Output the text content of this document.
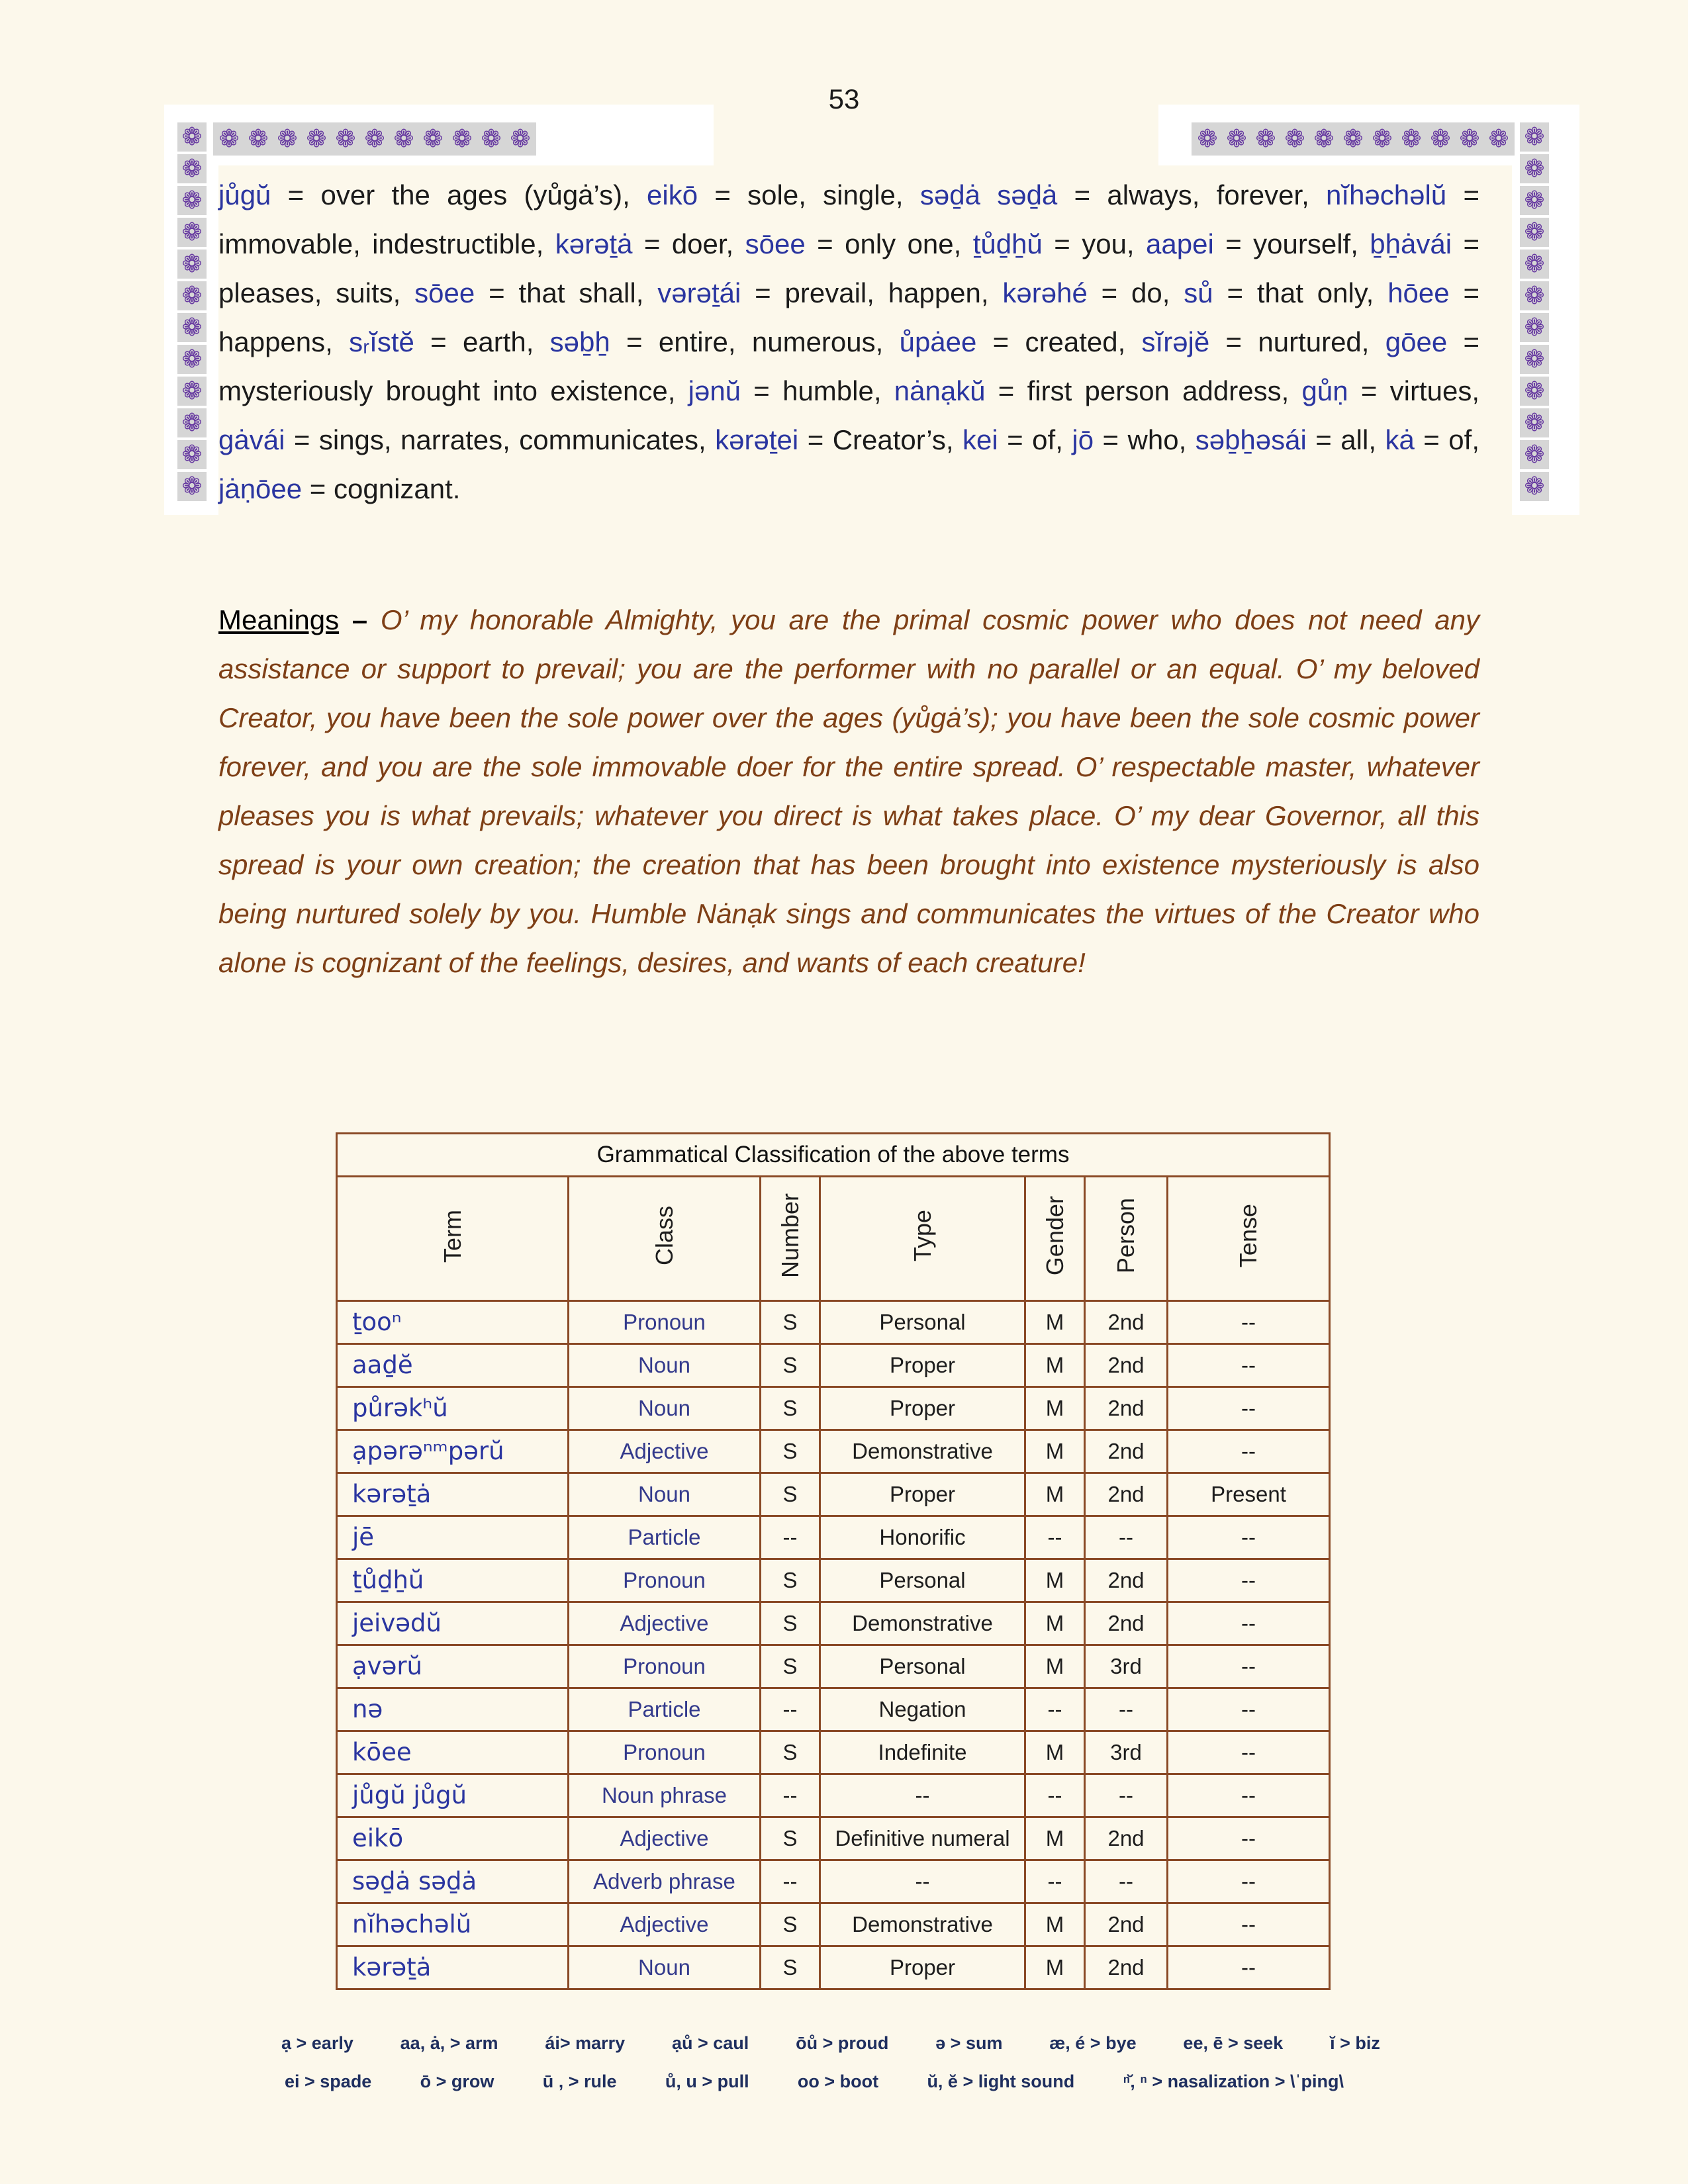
❁
❁
❁
❁
❁
❁
❁
❁
❁
❁
❁
❁
❁ ❁ ❁ ❁ ❁ ❁ ❁ ❁ ❁ ❁ ❁	❁ ❁ ❁ ❁ ❁ ❁ ❁ ❁ ❁ ❁ ❁ ❁
❁
❁
❁
❁
❁
❁
❁
❁
❁
❁
❁
53

jůgŭ = over the ages (yůgȧ’s), eikō = sole, single, səḏȧ səḏȧ = always, forever, nĭhəchəlŭ = immovable, indestructible, kərəṯȧ = doer, sōee = only one, ṯůḏẖŭ = you, aapei = yourself, ḇẖȧvái = pleases, suits, sōee = that shall, vərəṯái = prevail, happen, kərəhé = do, sů = that only, hōee = happens, sᵣĭstĕ = earth, səḇẖ = entire, numerous, ůpȧee = created, sĭrəjĕ = nurtured, gōee = mysteriously brought into existence, jənŭ = humble, nȧnạkŭ = first person address, gůṇ = virtues, gȧvái = sings, narrates, communicates, kərəṯei = Creator’s, kei = of, jō = who, səḇẖəsái = all, kȧ = of, jȧṇōee = cognizant.

Meanings – O’ my honorable Almighty, you are the primal cosmic power who does not need any assistance or support to prevail; you are the performer with no parallel or an equal. O’ my beloved Creator, you have been the sole power over the ages (yůgȧ’s); you have been the sole cosmic power forever, and you are the sole immovable doer for the entire spread. O’ respectable master, whatever pleases you is what prevails; whatever you direct is what takes place. O’ my dear Governor, all this spread is your own creation; the creation that has been brought into existence mysteriously is also being nurtured solely by you. Humble Nȧnạk sings and communicates the virtues of the Creator who alone is cognizant of the feelings, desires, and wants of each creature!

Grammatical Classification of the above terms						
Term	Class	Number	Type	Gender	Person	Tense
ṯooⁿ	Pronoun	S	Personal	M	2nd	--
aaḏĕ	Noun	S	Proper	M	2nd	--
půrəkʰŭ	Noun	S	Proper	M	2nd	--
ạpərəⁿᵐpərŭ	Adjective	S	Demonstrative	M	2nd	--
kərəṯȧ	Noun	S	Proper	M	2nd	Present
jē	Particle	--	Honorific	--	--	--
ṯůḏẖŭ	Pronoun	S	Personal	M	2nd	--
jeivədŭ	Adjective	S	Demonstrative	M	2nd	--
ạvərŭ	Pronoun	S	Personal	M	3rd	--
nə	Particle	--	Negation	--	--	--
kōee	Pronoun	S	Indefinite	M	3rd	--
jůgŭ jůgŭ	Noun phrase	--	--	--	--	--
eikō	Adjective	S	Definitive numeral	M	2nd	--
səḏȧ səḏȧ	Adverb phrase	--	--	--	--	--
nĭhəchəlŭ	Adjective	S	Demonstrative	M	2nd	--
kərəṯȧ	Noun	S	Proper	M	2nd	--
ạ > early	aa, ȧ, > arm	ái> marry	ạů > caul	ōů > proud	ə > sum	æ, é > bye	ee, ē > seek	ĭ > biz
ei > spade	ō > grow	ū , > rule	ů, u > pull	oo > boot	ŭ, ĕ > light sound	ⁿ̆, ⁿ > nasalization > \ˈping\
